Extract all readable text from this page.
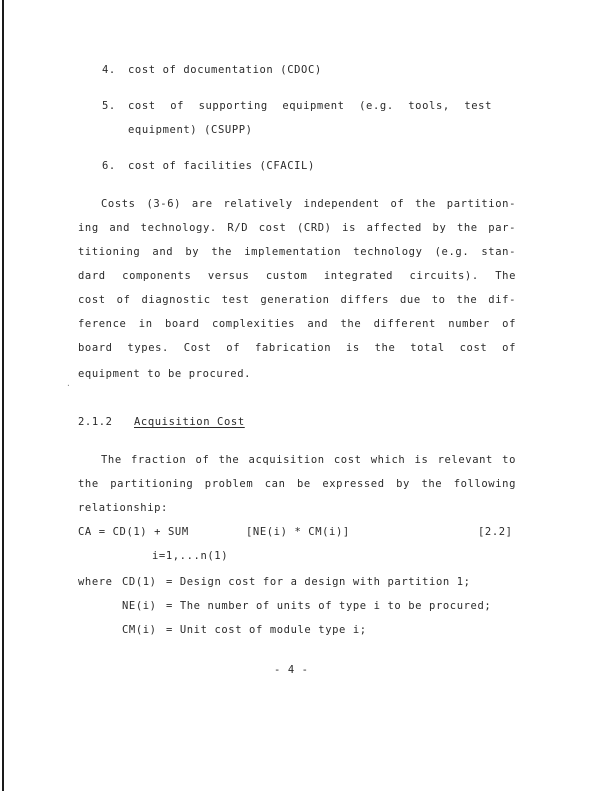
4. cost of documentation (CDOC)
5. cost of supporting equipment (e.g. tools, test
equipment) (CSUPP)
6. cost of facilities (CFACIL)
Costs (3-6) are relatively independent of the partition-
ing and technology. R/D cost (CRD) is affected by the par-
titioning and by the implementation technology (e.g. stan-
dard components versus custom integrated circuits). The
cost of diagnostic test generation differs due to the dif-
ference in board complexities and the different number of
board types. Cost of fabrication is the total cost of
equipment to be procured.
·
2.1.2 Acquisition Cost
The fraction of the acquisition cost which is relevant to
the partitioning problem can be expressed by the following
relationship:
CA = CD(1) + SUM	[NE(i) * CM(i)]	[2.2]
i=1,...n(1)
where CD(1) = Design cost for a design with partition 1;
NE(i) = The number of units of type i to be procured;
CM(i) = Unit cost of module type i;
- 4 -
